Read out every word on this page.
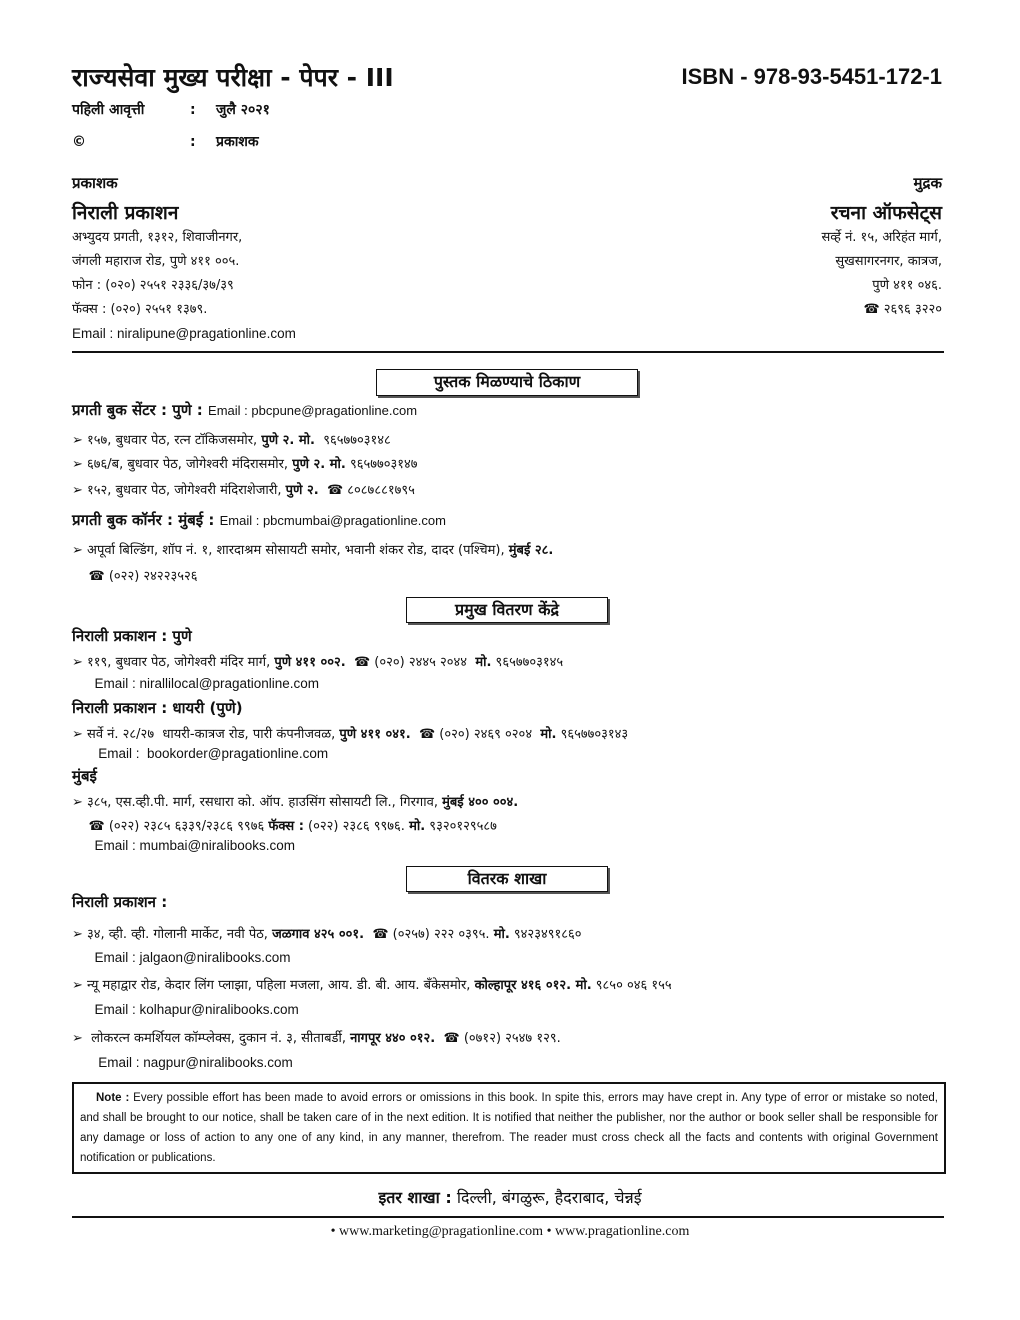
राज्यसेवा मुख्य परीक्षा - पेपर - III	ISBN - 978-93-5451-172-1
पहिली आवृत्ती	: जुलै २०२१
©	: प्रकाशक
प्रकाशक
निराली प्रकाशन
अभ्युदय प्रगती, १३१२, शिवाजीनगर,
जंगली महाराज रोड, पुणे ४११ ००५.
फोन : (०२०) २५५१ २३३६/३७/३९
फॅक्स : (०२०) २५५१ १३७९.
Email : niralipune@pragationline.com
मुद्रक
रचना ऑफसेट्स
सर्व्हे नं. १५, अरिहंत मार्ग,
सुखसागरनगर, कात्रज,
पुणे ४११ ०४६.
☎ २६९६ ३२२०
पुस्तक मिळण्याचे ठिकाण
प्रमुख वितरण केंद्रे
वितरक शाखा
प्रगती बुक सेंटर : पुणे : Email : pbcpune@pragationline.com
➢ १५७, बुधवार पेठ, रत्न टॉकिजसमोर, पुणे २. मो.  ९६५७७०३१४८
➢ ६७६/ब, बुधवार पेठ, जोगेश्वरी मंदिरासमोर, पुणे २. मो. ९६५७७०३१४७
➢ १५२, बुधवार पेठ, जोगेश्वरी मंदिराशेजारी, पुणे २.  ☎ ८०८७८८१७९५
प्रगती बुक कॉर्नर : मुंबई : Email : pbcmumbai@pragationline.com
➢ अपूर्वा बिल्डिंग, शॉप नं. १, शारदाश्रम सोसायटी समोर, भवानी शंकर रोड, दादर (पश्चिम), मुंबई २८.
☎ (०२२) २४२२३५२६
निराली प्रकाशन : पुणे
➢ ११९, बुधवार पेठ, जोगेश्वरी मंदिर मार्ग, पुणे ४११ ००२.  ☎ (०२०) २४४५ २०४४  मो. ९६५७७०३१४५
Email : nirallilocal@pragationline.com
निराली प्रकाशन : धायरी (पुणे)
➢ सर्वे नं. २८/२७  धायरी-कात्रज रोड, पारी कंपनीजवळ, पुणे ४११ ०४१.  ☎ (०२०) २४६९ ०२०४  मो. ९६५७७०३१४३
Email :  bookorder@pragationline.com
मुंबई
➢ ३८५, एस.व्ही.पी. मार्ग, रसधारा को. ऑप. हाउसिंग सोसायटी लि., गिरगाव, मुंबई ४०० ००४.
☎ (०२२) २३८५ ६३३९/२३८६ ९९७६ फॅक्स : (०२२) २३८६ ९९७६. मो. ९३२०१२९५८७
Email : mumbai@niralibooks.com
निराली प्रकाशन :
➢ ३४, व्ही. व्ही. गोलानी मार्केट, नवी पेठ, जळगाव ४२५ ००१.  ☎ (०२५७) २२२ ०३९५. मो. ९४२३४९१८६०
Email : jalgaon@niralibooks.com
➢ न्यू महाद्वार रोड, केदार लिंग प्लाझा, पहिला मजला, आय. डी. बी. आय. बँकेसमोर, कोल्हापूर ४१६ ०१२. मो. ९८५० ०४६ १५५
Email : kolhapur@niralibooks.com
➢  लोकरत्न कमर्शियल कॉम्प्लेक्स, दुकान नं. ३, सीताबर्डी, नागपूर ४४० ०१२.  ☎ (०७१२) २५४७ १२९.
Email : nagpur@niralibooks.com
Note : Every possible effort has been made to avoid errors or omissions in this book. In spite this, errors may have crept in. Any type of error or mistake so noted, and shall be brought to our notice, shall be taken care of in the next edition. It is notified that neither the publisher, nor the author or book seller shall be responsible for any damage or loss of action to any one of any kind, in any manner, therefrom. The reader must cross check all the facts and contents with original Government notification or publications.
इतर शाखा : दिल्ली, बंगळुरू, हैदराबाद, चेन्नई
• www.marketing@pragationline.com • www.pragationline.com
